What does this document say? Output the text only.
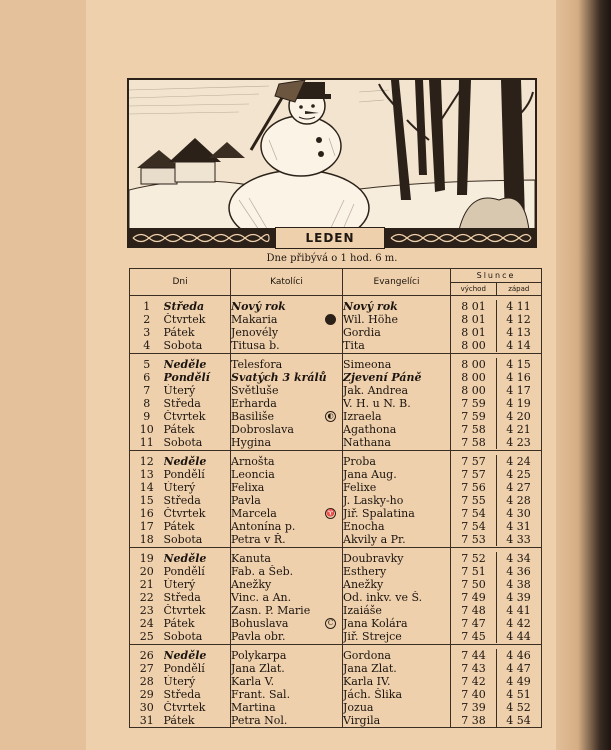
LEDEN
Dne přibývá o 1 hod. 6 m.
Dni		Katolíci	Evangelíci	Slunce
východ západ

1	Středa	Nový rok	Nový rok	8 01 4 11
2	Čtvrtek	Makaria	Wil. Höhe	8 01 4 12
3	Pátek	Jenovély	Gordia	8 01 4 13
4	Sobota	Titusa b.	Tita	8 00 4 14
5	Neděle	Telesfora	Simeona	8 00 4 15
6	Pondělí	Svatých 3 králů	Zjevení Páně	8 00 4 16
7	Úterý	Světluše	Jak. Andrea	8 00 4 17
8	Středa	Erharda	V. H. u N. B.	7 59 4 19
9	Čtvrtek	Basiliše ◐	Izraela	7 59 4 20
10	Pátek	Dobroslava	Agathona	7 58 4 21
11	Sobota	Hygina	Nathana	7 58 4 23
12	Neděle	Arnošta	Proba	7 57 4 24
13	Pondělí	Leoncia	Jana Aug.	7 57 4 25
14	Úterý	Felixa	Felixe	7 56 4 27
15	Středa	Pavla	J. Lasky-ho	7 55 4 28
16	Čtvrtek	Marcela ♈	Jiř. Spalatina	7 54 4 30
17	Pátek	Antonína p.	Enocha	7 54 4 31
18	Sobota	Petra v Ř.	Akvily a Pr.	7 53 4 33
19	Neděle	Kanuta	Doubravky	7 52 4 34
20	Pondělí	Fab. a Šeb.	Esthery	7 51 4 36
21	Úterý	Anežky	Anežky	7 50 4 38
22	Středa	Vinc. a An.	Od. inkv. ve Š.	7 49 4 39
23	Čtvrtek	Zasn. P. Marie	Izaiáše	7 48 4 41
24	Pátek	Bohuslava C	Jana Kolára	7 47 4 42
25	Sobota	Pavla obr.	Jiř. Strejce	7 45 4 44
26	Neděle	Polykarpa	Gordona	7 44 4 46
27	Pondělí	Jana Zlat.	Jana Zlat.	7 43 4 47
28	Úterý	Karla V.	Karla IV.	7 42 4 49
29	Středa	Frant. Sal.	Jách. Šlika	7 40 4 51
30	Čtvrtek	Martina	Jozua	7 39 4 52
31	Pátek	Petra Nol.	Virgila	7 38 4 54
